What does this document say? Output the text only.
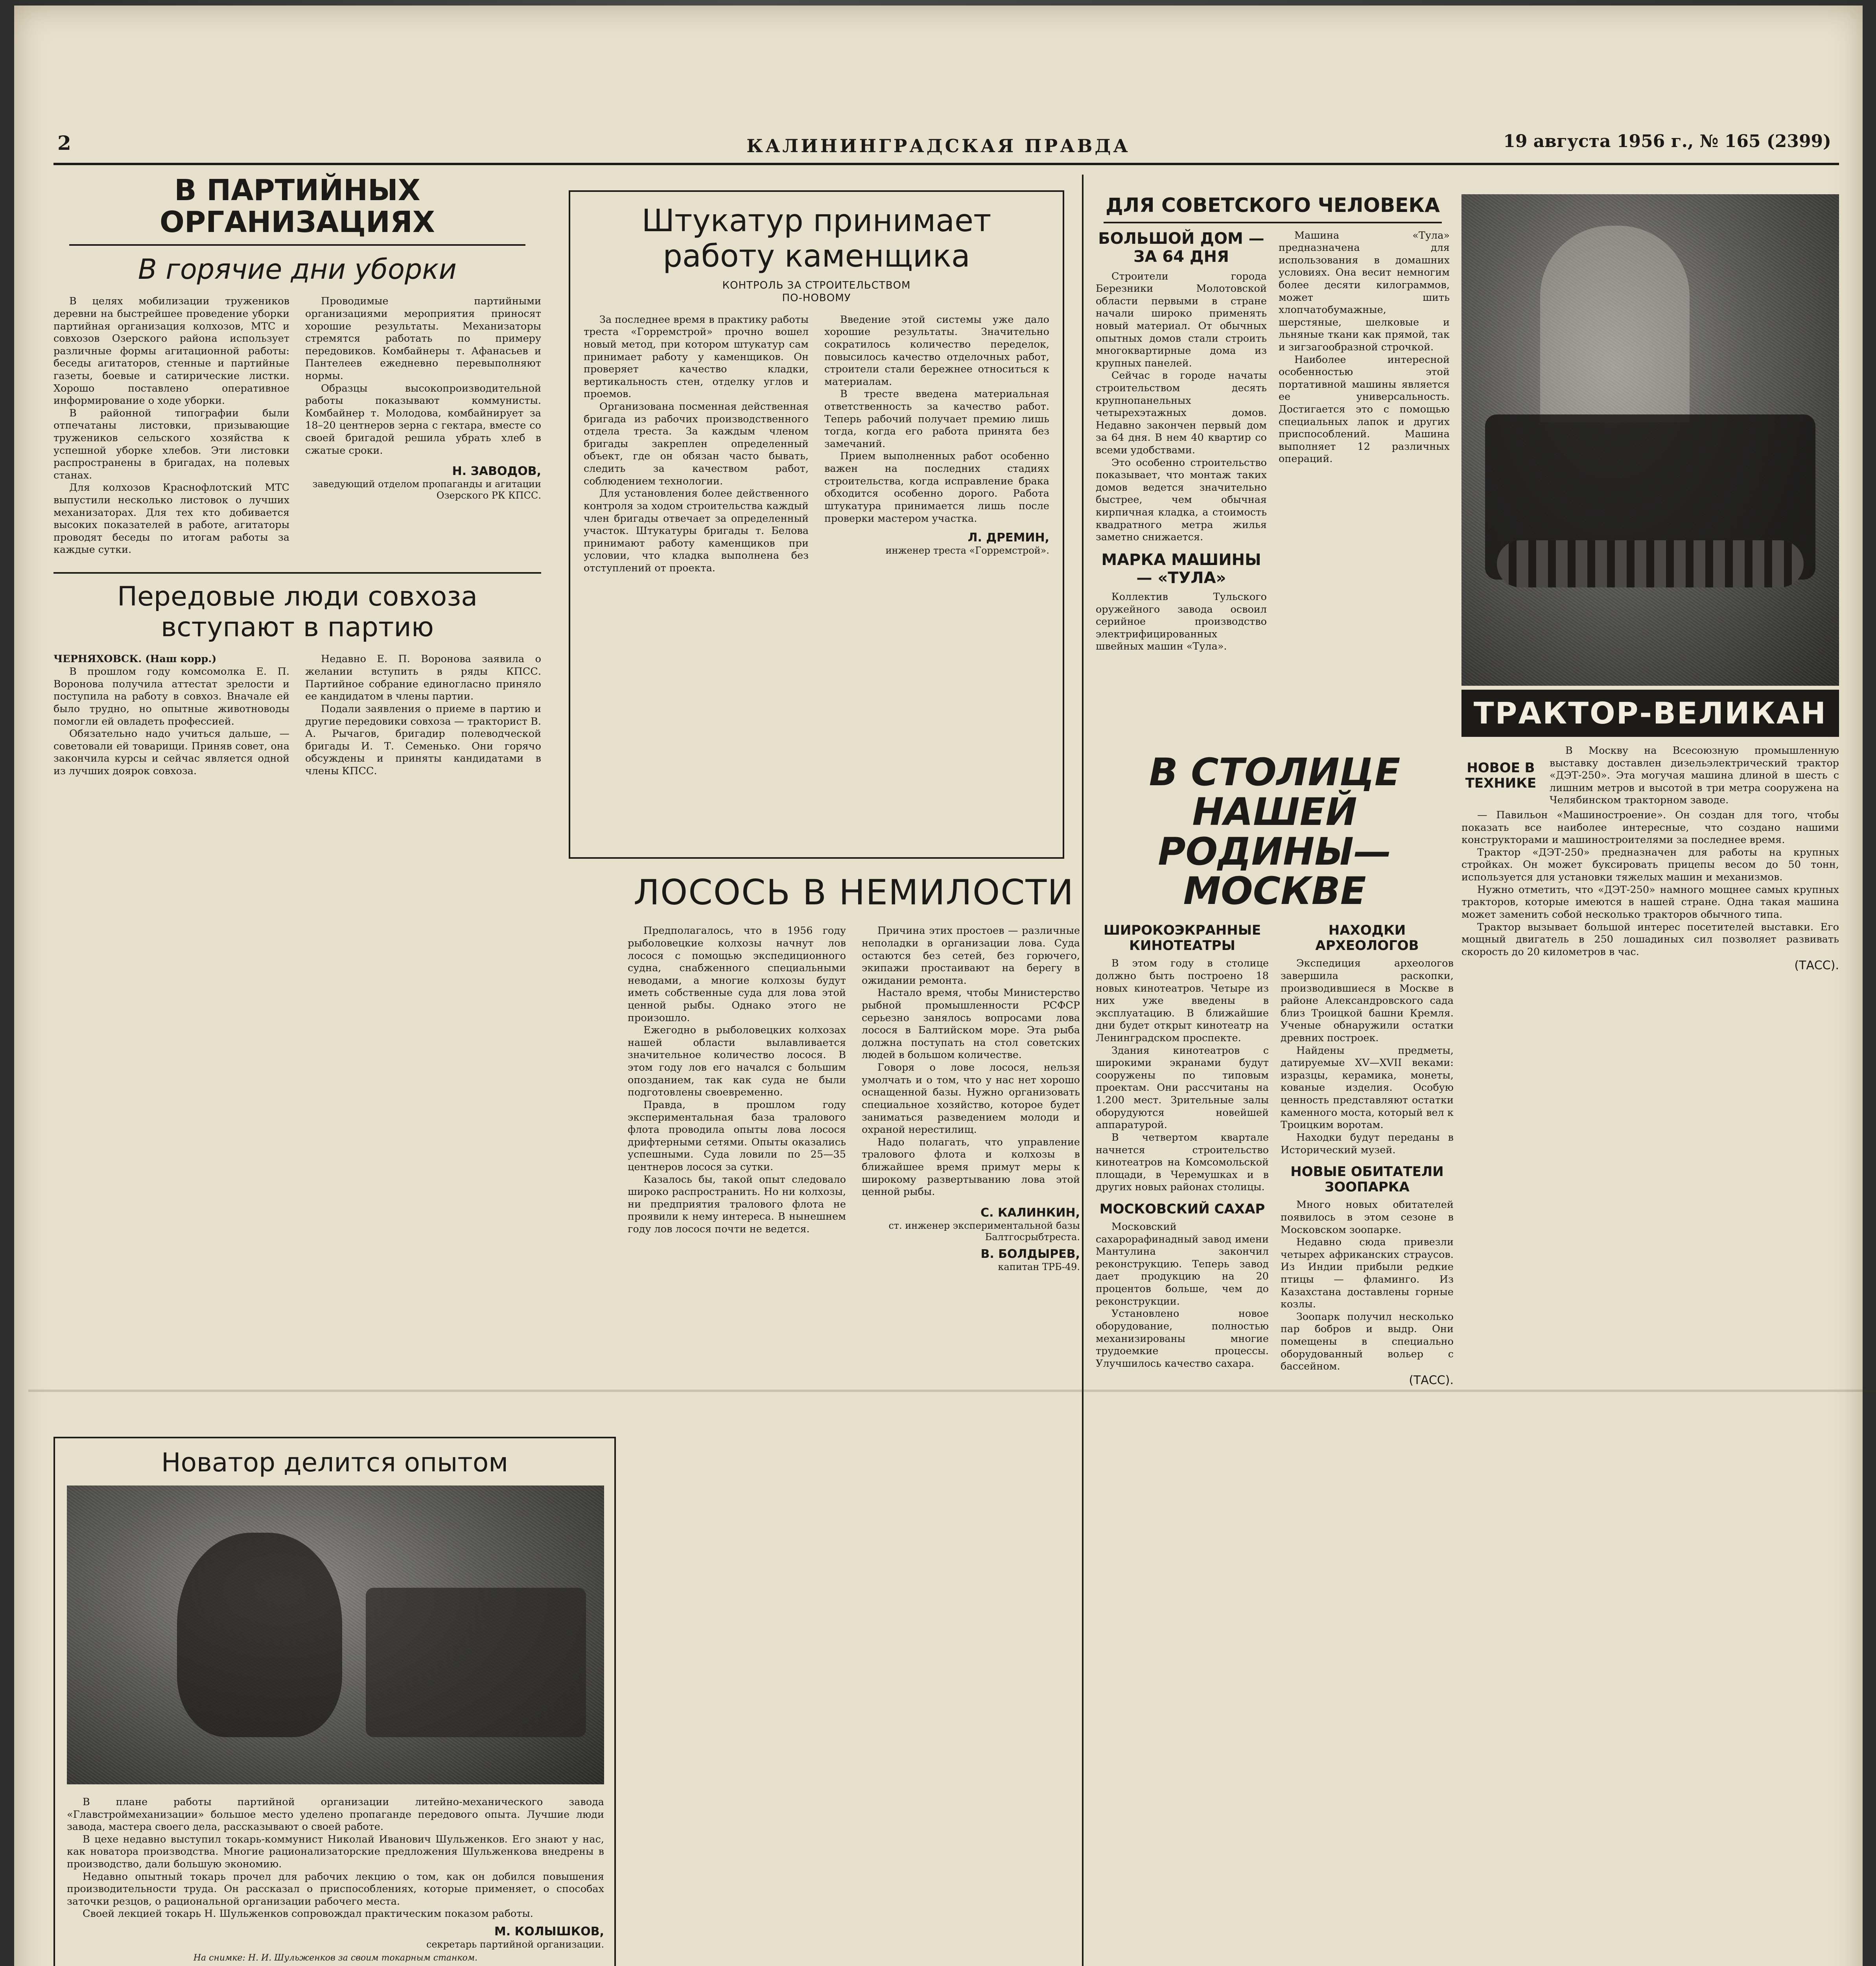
2	КАЛИНИНГРАДСКАЯ ПРАВДА	19 августа 1956 г., № 165 (2399)
В ПАРТИЙНЫХ ОРГАНИЗАЦИЯХ
В горячие дни уборки

В целях мобилизации тружеников деревни на быстрейшее проведение уборки партийная организация колхозов, МТС и совхозов Озерского района использует различные формы агитационной работы: беседы агитаторов, стенные и партийные газеты, боевые и сатирические листки. Хорошо поставлено оперативное информирование о ходе уборки.

В районной типографии были отпечатаны листовки, призывающие тружеников сельского хозяйства к успешной уборке хлебов. Эти листовки распространены в бригадах, на полевых станах.

Для колхозов Краснофлотский МТС выпустили несколько листовок о лучших механизаторах. Для тех кто добивается высоких показателей в работе, агитаторы проводят беседы по итогам работы за каждые сутки.

Проводимые партийными организациями мероприятия приносят хорошие результаты. Механизаторы стремятся работать по примеру передовиков. Комбайнеры т. Афанасьев и Пантелеев ежедневно перевыполняют нормы.

Образцы высокопроизводительной работы показывают коммунисты. Комбайнер т. Молодова, комбайнирует за 18–20 центнеров зерна с гектара, вместе со своей бригадой решила убрать хлеб в сжатые сроки.

Н. ЗАВОДОВ,
заведующий отделом пропаганды и агитации Озерского РК КПСС.
Передовые люди совхоза вступают в партию

ЧЕРНЯХОВСК. (Наш корр.)

В прошлом году комсомолка Е. П. Воронова получила аттестат зрелости и поступила на работу в совхоз. Вначале ей было трудно, но опытные животноводы помогли ей овладеть профессией.

Обязательно надо учиться дальше, — советовали ей товарищи. Приняв совет, она закончила курсы и сейчас является одной из лучших доярок совхоза.

Недавно Е. П. Воронова заявила о желании вступить в ряды КПСС. Партийное собрание единогласно приняло ее кандидатом в члены партии.

Подали заявления о приеме в партию и другие передовики совхоза — тракторист В. А. Рычагов, бригадир полеводческой бригады И. Т. Семенько. Они горячо обсуждены и приняты кандидатами в члены КПСС.

Новатор делится опытом

В плане работы партийной организации литейно-механического завода «Главстроймеханизации» большое место уделено пропаганде передового опыта. Лучшие люди завода, мастера своего дела, рассказывают о своей работе.

В цехе недавно выступил токарь-коммунист Николай Иванович Шульженков. Его знают у нас, как новатора производства. Многие рационализаторские предложения Шульженкова внедрены в производство, дали большую экономию.

Недавно опытный токарь прочел для рабочих лекцию о том, как он добился повышения производительности труда. Он рассказал о приспособлениях, которые применяет, о способах заточки резцов, о рациональной организации рабочего места.

Своей лекцией токарь Н. Шульженков сопровождал практическим показом работы.

М. КОЛЫШКОВ,
секретарь партийной организации.
На снимке: Н. И. Шульженков за своим токарным станком.
Штукатур принимает работу каменщика
КОНТРОЛЬ ЗА СТРОИТЕЛЬСТВОМ ПО-НОВОМУ

За последнее время в практику работы треста «Горремстрой» прочно вошел новый метод, при котором штукатур сам принимает работу у каменщиков. Он проверяет качество кладки, вертикальность стен, отделку углов и проемов.

Организована посменная действенная бригада из рабочих производственного отдела треста. За каждым членом бригады закреплен определенный объект, где он обязан часто бывать, следить за качеством работ, соблюдением технологии.

Для установления более действенного контроля за ходом строительства каждый член бригады отвечает за определенный участок. Штукатуры бригады т. Белова принимают работу каменщиков при условии, что кладка выполнена без отступлений от проекта.

Введение этой системы уже дало хорошие результаты. Значительно сократилось количество переделок, повысилось качество отделочных работ, строители стали бережнее относиться к материалам.

В тресте введена материальная ответственность за качество работ. Теперь рабочий получает премию лишь тогда, когда его работа принята без замечаний.

Прием выполненных работ особенно важен на последних стадиях строительства, когда исправление брака обходится особенно дорого. Работа штукатура принимается лишь после проверки мастером участка.

Л. ДРЕМИН,
инженер треста «Горремстрой».
ЛОСОСЬ В НЕМИЛОСТИ

Предполагалось, что в 1956 году рыболовецкие колхозы начнут лов лосося с помощью экспедиционного судна, снабженного специальными неводами, а многие колхозы будут иметь собственные суда для лова этой ценной рыбы. Однако этого не произошло.

Ежегодно в рыболовецких колхозах нашей области вылавливается значительное количество лосося. В этом году лов его начался с большим опозданием, так как суда не были подготовлены своевременно.

Правда, в прошлом году экспериментальная база тралового флота проводила опыты лова лосося дрифтерными сетями. Опыты оказались успешными. Суда ловили по 25—35 центнеров лосося за сутки.

Казалось бы, такой опыт следовало широко распространить. Но ни колхозы, ни предприятия тралового флота не проявили к нему интереса. В нынешнем году лов лосося почти не ведется.

Причина этих простоев — различные неполадки в организации лова. Суда остаются без сетей, без горючего, экипажи простаивают на берегу в ожидании ремонта.

Настало время, чтобы Министерство рыбной промышленности РСФСР серьезно занялось вопросами лова лосося в Балтийском море. Эта рыба должна поступать на стол советских людей в большом количестве.

Говоря о лове лосося, нельзя умолчать и о том, что у нас нет хорошо оснащенной базы. Нужно организовать специальное хозяйство, которое будет заниматься разведением молоди и охраной нерестилищ.

Надо полагать, что управление тралового флота и колхозы в ближайшее время примут меры к широкому развертыванию лова этой ценной рыбы.

С. КАЛИНКИН,
ст. инженер экспериментальной базы Балтгосрыбтреста.
В. БОЛДЫРЕВ,
капитан ТРБ-49.
ДЛЯ СОВЕТСКОГО ЧЕЛОВЕКА
БОЛЬШОЙ ДОМ — ЗА 64 ДНЯ

Строители города Березники Молотовской области первыми в стране начали широко применять новый материал. От обычных опытных домов стали строить многоквартирные дома из крупных панелей.

Сейчас в городе начаты строительством десять крупнопанельных четырехэтажных домов. Недавно закончен первый дом за 64 дня. В нем 40 квартир со всеми удобствами.

Это особенно строительство показывает, что монтаж таких домов ведется значительно быстрее, чем обычная кирпичная кладка, а стоимость квадратного метра жилья заметно снижается.

МАРКА МАШИНЫ — «ТУЛА»

Коллектив Тульского оружейного завода освоил серийное производство электрифицированных швейных машин «Тула».

Машина «Тула» предназначена для использования в домашних условиях. Она весит немногим более десяти килограммов, может шить хлопчатобумажные, шерстяные, шелковые и льняные ткани как прямой, так и зигзагообразной строчкой.

Наиболее интересной особенностью этой портативной машины является ее универсальность. Достигается это с помощью специальных лапок и других приспособлений. Машина выполняет 12 различных операций.

ТРАКТОР-ВЕЛИКАН
НОВОЕ В ТЕХНИКЕ

В Москву на Всесоюзную промышленную выставку доставлен дизельэлектрический трактор «ДЭТ-250». Эта могучая машина длиной в шесть с лишним метров и высотой в три метра сооружена на Челябинском тракторном заводе.

— Павильон «Машиностроение». Он создан для того, чтобы показать все наиболее интересные, что создано нашими конструкторами и машиностроителями за последнее время.

Трактор «ДЭТ-250» предназначен для работы на крупных стройках. Он может буксировать прицепы весом до 50 тонн, используется для установки тяжелых машин и механизмов.

Нужно отметить, что «ДЭТ-250» намного мощнее самых крупных тракторов, которые имеются в нашей стране. Одна такая машина может заменить собой несколько тракторов обычного типа.

Трактор вызывает большой интерес посетителей выставки. Его мощный двигатель в 250 лошадиных сил позволяет развивать скорость до 20 километров в час.

(ТАСС).
В СТОЛИЦЕ НАШЕЙ РОДИНЫ—МОСКВЕ
ШИРОКОЭКРАННЫЕ КИНОТЕАТРЫ

В этом году в столице должно быть построено 18 новых кинотеатров. Четыре из них уже введены в эксплуатацию. В ближайшие дни будет открыт кинотеатр на Ленинградском проспекте.

Здания кинотеатров с широкими экранами будут сооружены по типовым проектам. Они рассчитаны на 1.200 мест. Зрительные залы оборудуются новейшей аппаратурой.

В четвертом квартале начнется строительство кинотеатров на Комсомольской площади, в Черемушках и в других новых районах столицы.

МОСКОВСКИЙ САХАР

Московский сахарорафинадный завод имени Мантулина закончил реконструкцию. Теперь завод дает продукцию на 20 процентов больше, чем до реконструкции.

Установлено новое оборудование, полностью механизированы многие трудоемкие процессы. Улучшилось качество сахара.

НАХОДКИ АРХЕОЛОГОВ

Экспедиция археологов завершила раскопки, производившиеся в Москве в районе Александровского сада близ Троицкой башни Кремля. Ученые обнаружили остатки древних построек.

Найдены предметы, датируемые XV—XVII веками: изразцы, керамика, монеты, кованые изделия. Особую ценность представляют остатки каменного моста, который вел к Троицким воротам.

Находки будут переданы в Исторический музей.

НОВЫЕ ОБИТАТЕЛИ ЗООПАРКА

Много новых обитателей появилось в этом сезоне в Московском зоопарке.

Недавно сюда привезли четырех африканских страусов. Из Индии прибыли редкие птицы — фламинго. Из Казахстана доставлены горные козлы.

Зоопарк получил несколько пар бобров и выдр. Они помещены в специально оборудованный вольер с бассейном.

(ТАСС).
